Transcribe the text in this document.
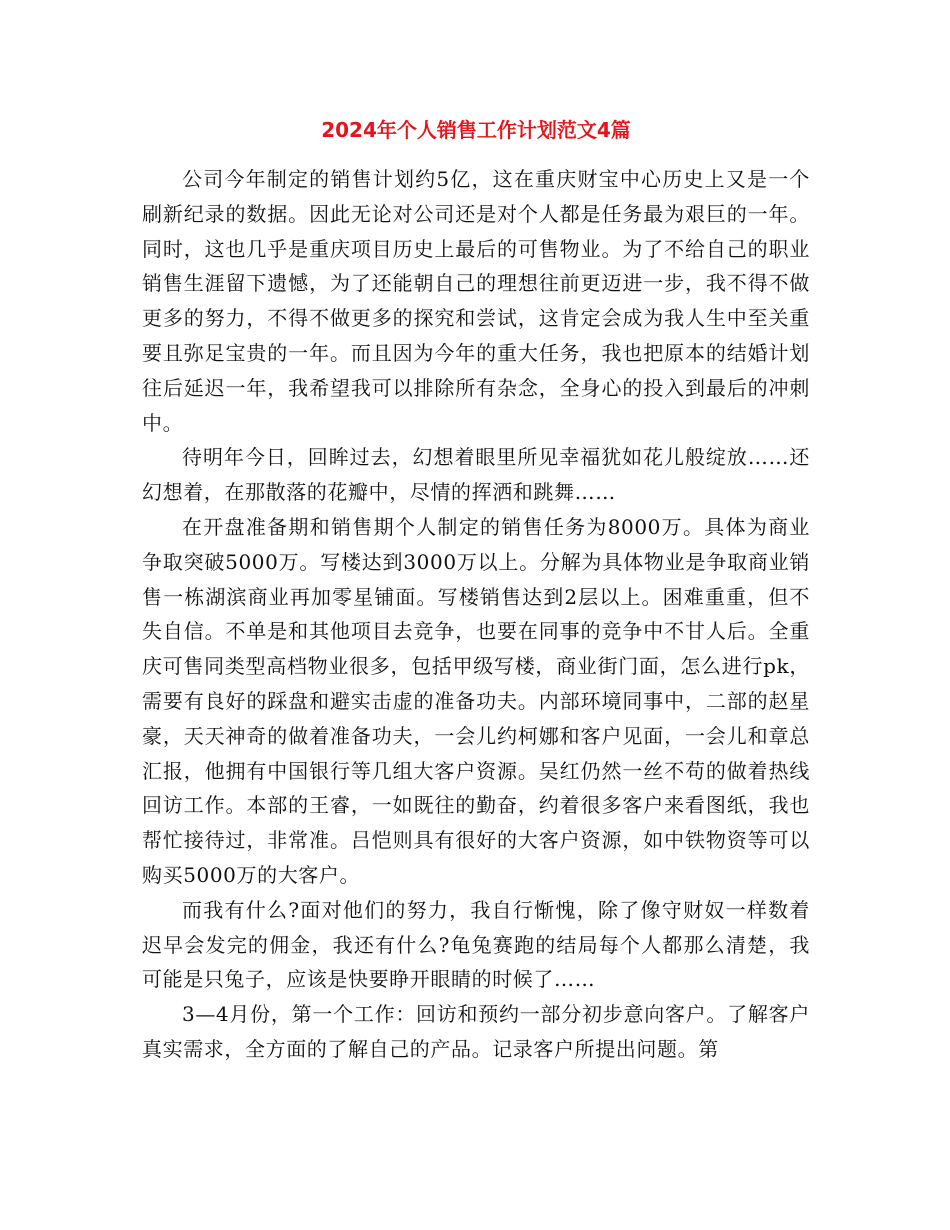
2024年个人销售工作计划范文4篇

公司今年制定的销售计划约5亿，这在重庆财宝中心历史上又是一个刷新纪录的数据。因此无论对公司还是对个人都是任务最为艰巨的一年。同时，这也几乎是重庆项目历史上最后的可售物业。为了不给自己的职业销售生涯留下遗憾，为了还能朝自己的理想往前更迈进一步，我不得不做更多的努力，不得不做更多的探究和尝试，这肯定会成为我人生中至关重要且弥足宝贵的一年。而且因为今年的重大任务，我也把原本的结婚计划往后延迟一年，我希望我可以排除所有杂念，全身心的投入到最后的冲刺中。

待明年今日，回眸过去，幻想着眼里所见幸福犹如花儿般绽放……还幻想着，在那散落的花瓣中，尽情的挥洒和跳舞……

在开盘准备期和销售期个人制定的销售任务为8000万。具体为商业争取突破5000万。写楼达到3000万以上。分解为具体物业是争取商业销售一栋湖滨商业再加零星铺面。写楼销售达到2层以上。困难重重，但不失自信。不单是和其他项目去竞争，也要在同事的竞争中不甘人后。全重庆可售同类型高档物业很多，包括甲级写楼，商业街门面，怎么进行pk，需要有良好的踩盘和避实击虚的准备功夫。内部环境同事中，二部的赵星豪，天天神奇的做着准备功夫，一会儿约柯娜和客户见面，一会儿和章总汇报，他拥有中国银行等几组大客户资源。吴红仍然一丝不苟的做着热线回访工作。本部的王睿，一如既往的勤奋，约着很多客户来看图纸，我也帮忙接待过，非常准。吕恺则具有很好的大客户资源，如中铁物资等可以购买5000万的大客户。

而我有什么?面对他们的努力，我自行惭愧，除了像守财奴一样数着迟早会发完的佣金，我还有什么?龟兔赛跑的结局每个人都那么清楚，我可能是只兔子，应该是快要睁开眼睛的时候了……

3—4月份，第一个工作：回访和预约一部分初步意向客户。了解客户真实需求，全方面的了解自己的产品。记录客户所提出问题。第
